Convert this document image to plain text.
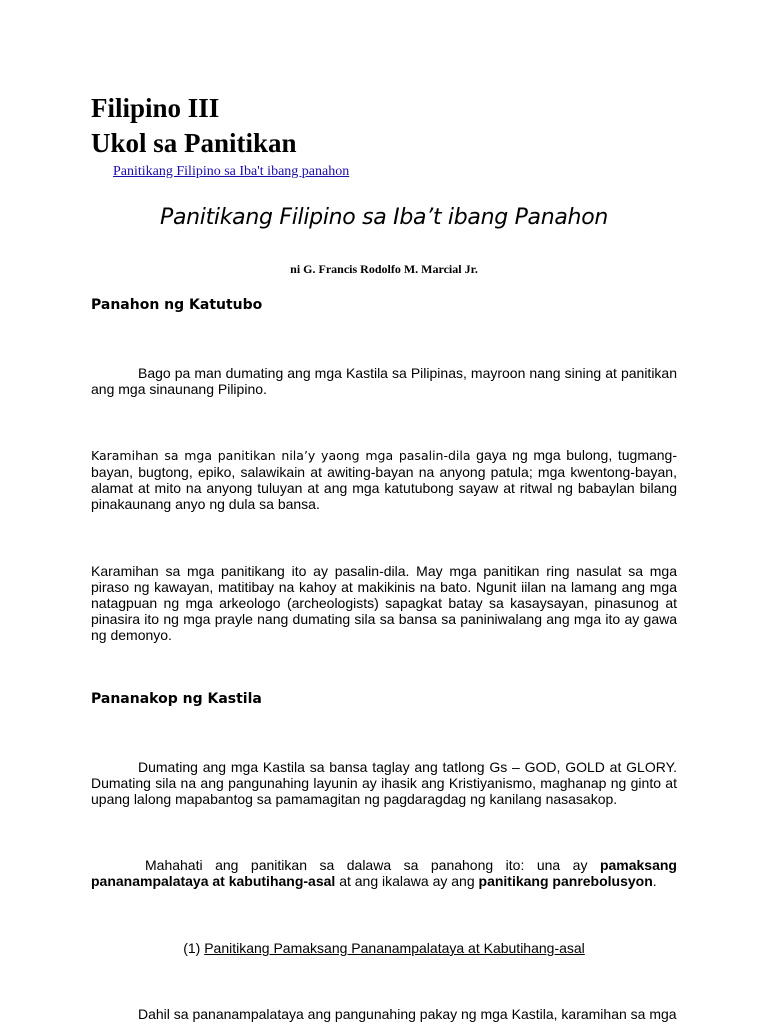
Filipino III
Ukol sa Panitikan
Panitikang Filipino sa Iba't ibang panahon
Panitikang Filipino sa Iba’t ibang Panahon
ni G. Francis Rodolfo M. Marcial Jr.
Panahon ng Katutubo

Bago pa man dumating ang mga Kastila sa Pilipinas, mayroon nang sining at panitikan ang mga sinaunang Pilipino.

Karamihan sa mga panitikan nila’y yaong mga pasalin-dila gaya ng mga bulong, tugmang-bayan, bugtong, epiko, salawikain at awiting-bayan na anyong patula; mga kwentong-bayan, alamat at mito na anyong tuluyan at ang mga katutubong sayaw at ritwal ng babaylan bilang pinakaunang anyo ng dula sa bansa.

Karamihan sa mga panitikang ito ay pasalin-dila. May mga panitikan ring nasulat sa mga piraso ng kawayan, matitibay na kahoy at makikinis na bato. Ngunit iilan na lamang ang mga natagpuan ng mga arkeologo (archeologists) sapagkat batay sa kasaysayan, pinasunog at pinasira ito ng mga prayle nang dumating sila sa bansa sa paniniwalang ang mga ito ay gawa ng demonyo.

Pananakop ng Kastila

Dumating ang mga Kastila sa bansa taglay ang tatlong Gs – GOD, GOLD at GLORY. Dumating sila na ang pangunahing layunin ay ihasik ang Kristiyanismo, maghanap ng ginto at upang lalong mapabantog sa pamamagitan ng pagdaragdag ng kanilang nasasakop.

Mahahati ang panitikan sa dalawa sa panahong ito: una ay pamaksang pananampalataya at kabutihang-asal at ang ikalawa ay ang panitikang panrebolusyon.

(1) Panitikang Pamaksang Pananampalataya at Kabutihang-asal

Dahil sa pananampalataya ang pangunahing pakay ng mga Kastila, karamihan sa mga
